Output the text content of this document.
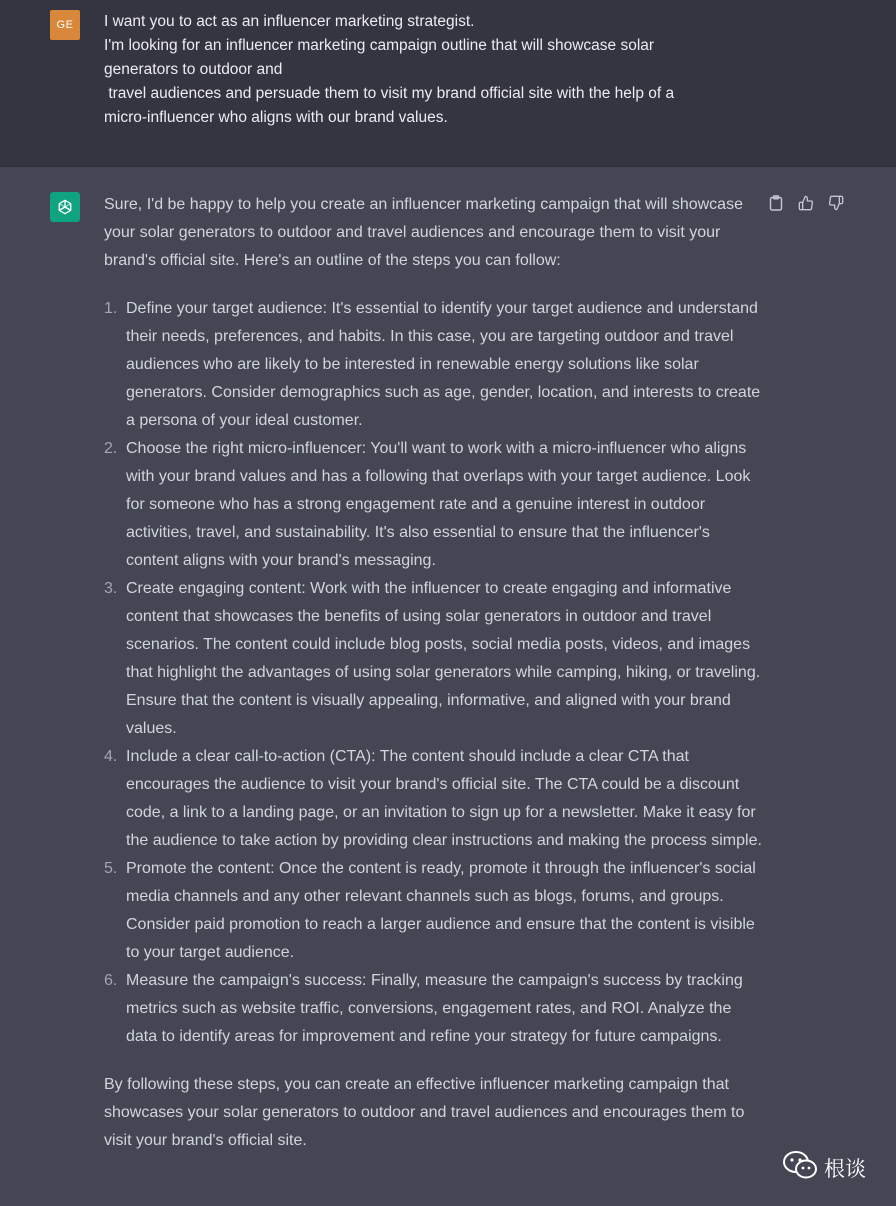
GE	I want you to act as an influencer marketing strategist.
I'm looking for an influencer marketing campaign outline that will showcase solar generators to outdoor and
travel audiences and persuade them to visit my brand official site with the help of a micro-influencer who aligns with our brand values.

Sure, I'd be happy to help you create an influencer marketing campaign that will showcase your solar generators to outdoor and travel audiences and encourage them to visit your brand's official site. Here's an outline of the steps you can follow:

1. Define your target audience: It's essential to identify your target audience and understand their needs, preferences, and habits. In this case, you are targeting outdoor and travel audiences who are likely to be interested in renewable energy solutions like solar generators. Consider demographics such as age, gender, location, and interests to create a persona of your ideal customer.
2. Choose the right micro-influencer: You'll want to work with a micro-influencer who aligns with your brand values and has a following that overlaps with your target audience. Look for someone who has a strong engagement rate and a genuine interest in outdoor activities, travel, and sustainability. It's also essential to ensure that the influencer's content aligns with your brand's messaging.
3. Create engaging content: Work with the influencer to create engaging and informative content that showcases the benefits of using solar generators in outdoor and travel scenarios. The content could include blog posts, social media posts, videos, and images that highlight the advantages of using solar generators while camping, hiking, or traveling. Ensure that the content is visually appealing, informative, and aligned with your brand values.
4. Include a clear call-to-action (CTA): The content should include a clear CTA that encourages the audience to visit your brand's official site. The CTA could be a discount code, a link to a landing page, or an invitation to sign up for a newsletter. Make it easy for the audience to take action by providing clear instructions and making the process simple.
5. Promote the content: Once the content is ready, promote it through the influencer's social media channels and any other relevant channels such as blogs, forums, and groups. Consider paid promotion to reach a larger audience and ensure that the content is visible to your target audience.
6. Measure the campaign's success: Finally, measure the campaign's success by tracking metrics such as website traffic, conversions, engagement rates, and ROI. Analyze the data to identify areas for improvement and refine your strategy for future campaigns.

By following these steps, you can create an effective influencer marketing campaign that showcases your solar generators to outdoor and travel audiences and encourages them to visit your brand's official site.

根谈
